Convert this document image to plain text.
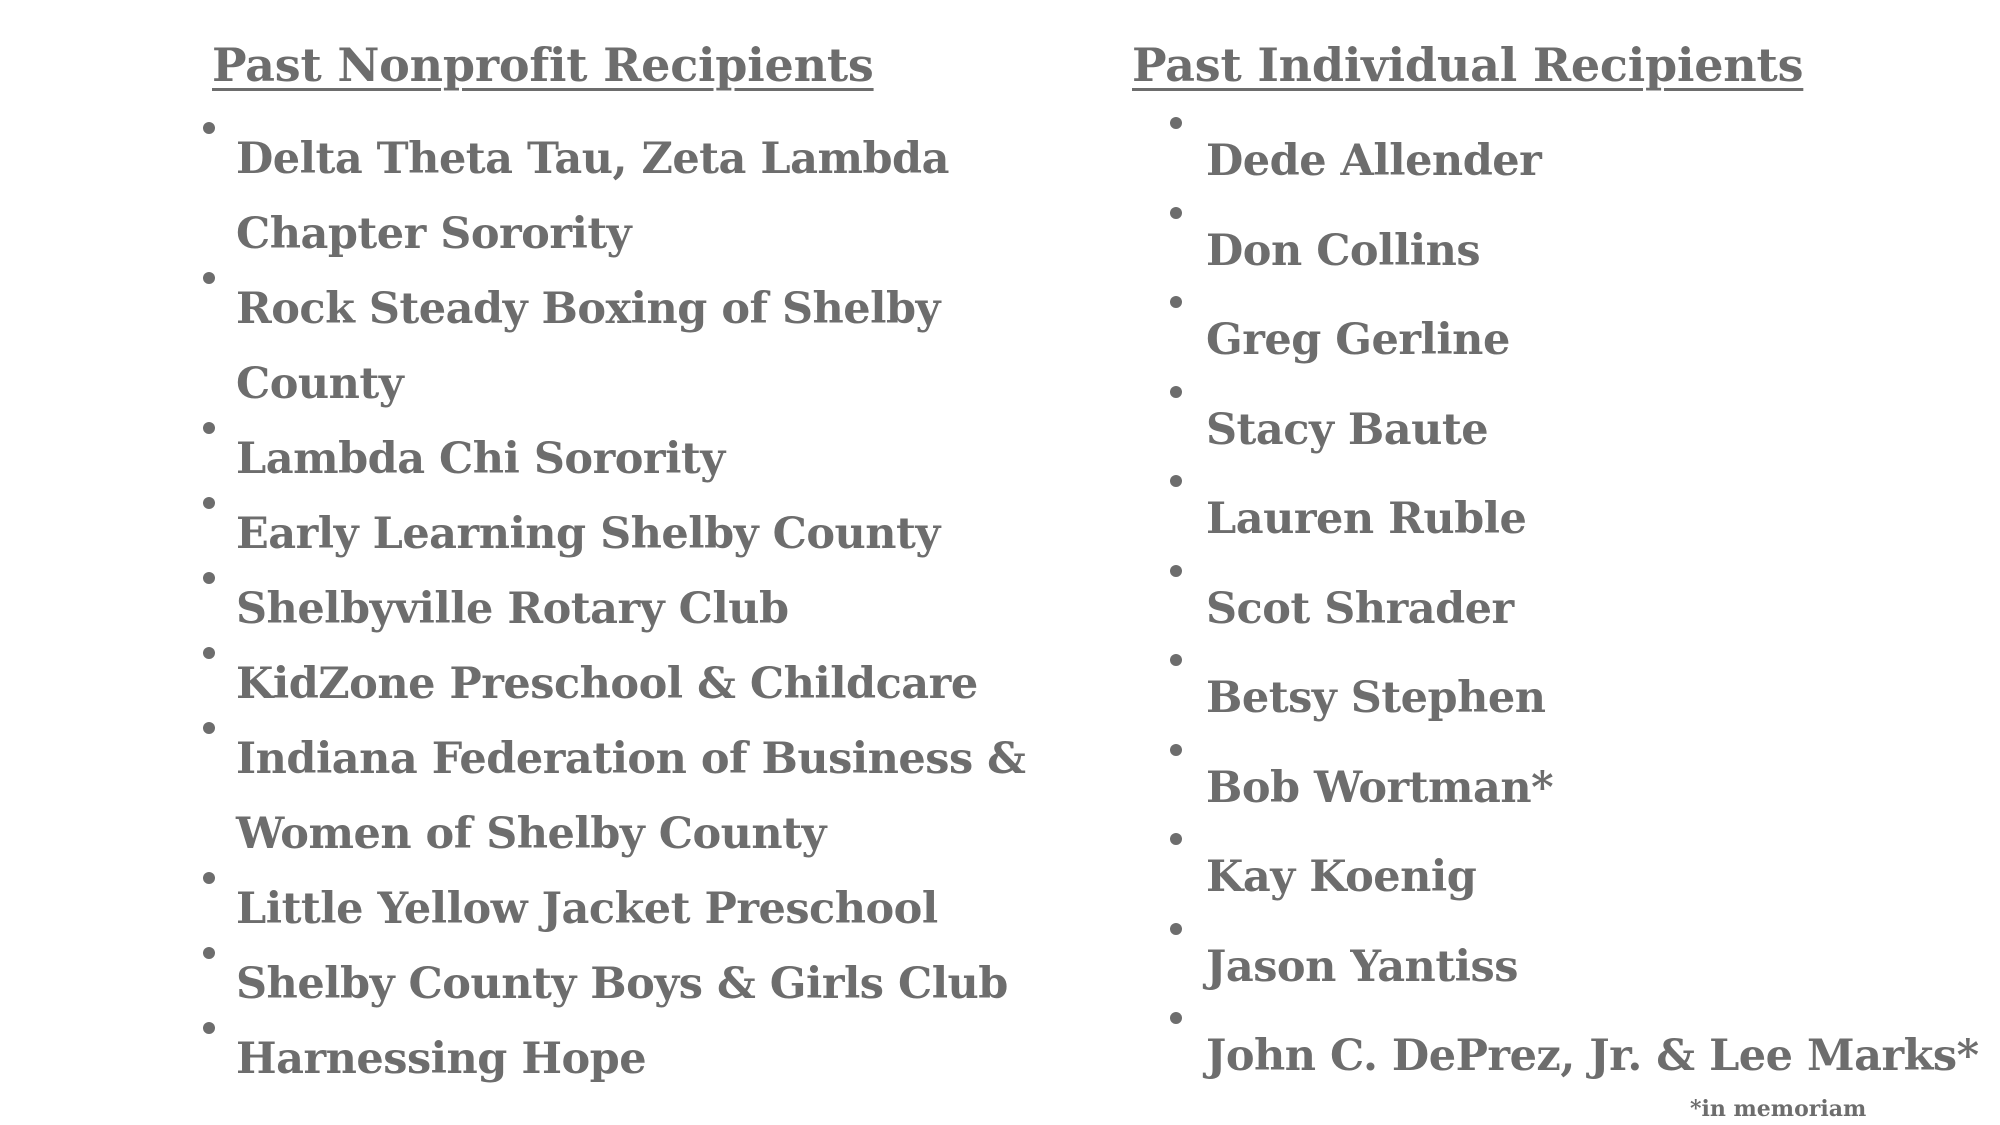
Past Nonprofit Recipients
Delta Theta Tau, Zeta Lambda Chapter Sorority
Rock Steady Boxing of Shelby County
Lambda Chi Sorority
Early Learning Shelby County
Shelbyville Rotary Club
KidZone Preschool & Childcare
Indiana Federation of Business & Women of Shelby County
Little Yellow Jacket Preschool
Shelby County Boys & Girls Club
Harnessing Hope
Past Individual Recipients
Dede Allender
Don Collins
Greg Gerline
Stacy Baute
Lauren Ruble
Scot Shrader
Betsy Stephen
Bob Wortman*
Kay Koenig
Jason Yantiss
John C. DePrez, Jr. & Lee Marks*
*in memoriam
